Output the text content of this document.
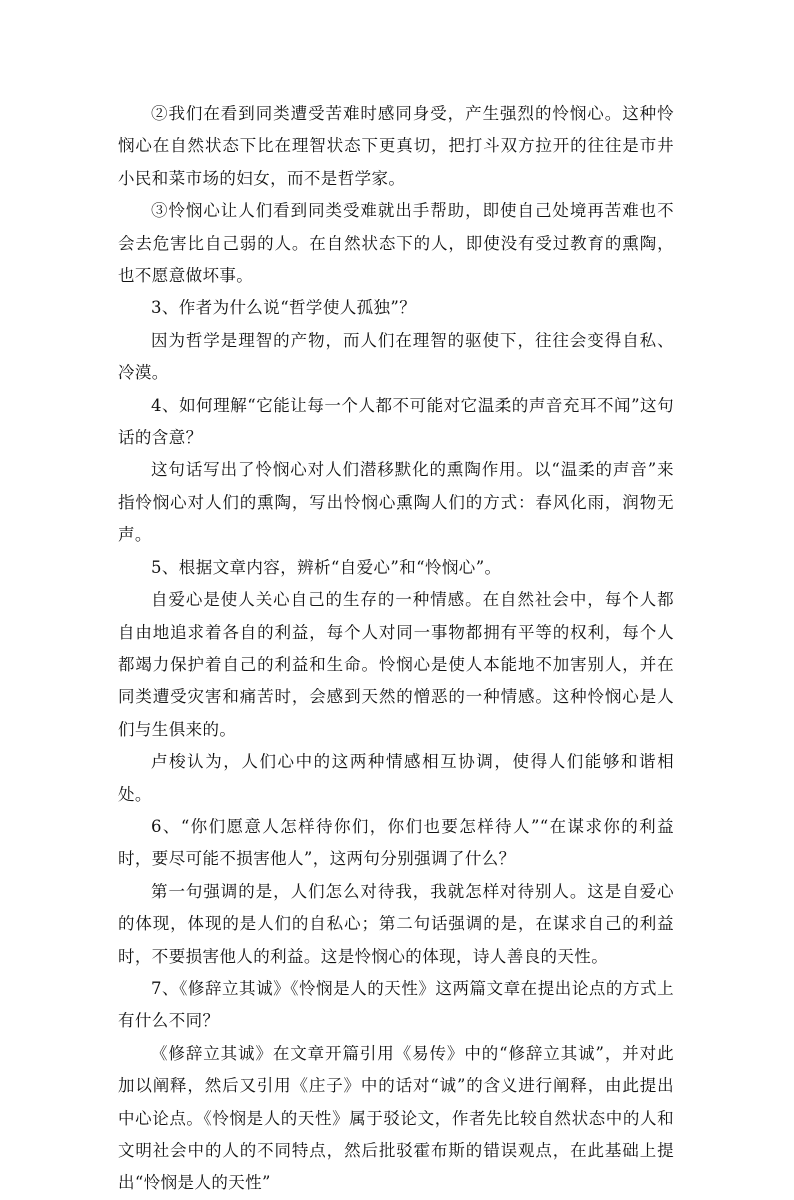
②我们在看到同类遭受苦难时感同身受，产生强烈的怜悯心。这种怜悯心在自然状态下比在理智状态下更真切，把打斗双方拉开的往往是市井小民和菜市场的妇女，而不是哲学家。

③怜悯心让人们看到同类受难就出手帮助，即使自己处境再苦难也不会去危害比自己弱的人。在自然状态下的人，即使没有受过教育的熏陶，也不愿意做坏事。

3、作者为什么说“哲学使人孤独”？

因为哲学是理智的产物，而人们在理智的驱使下，往往会变得自私、冷漠。

4、如何理解“它能让每一个人都不可能对它温柔的声音充耳不闻”这句话的含意？

这句话写出了怜悯心对人们潜移默化的熏陶作用。以“温柔的声音”来指怜悯心对人们的熏陶，写出怜悯心熏陶人们的方式：春风化雨，润物无声。

5、根据文章内容，辨析“自爱心”和“怜悯心”。

自爱心是使人关心自己的生存的一种情感。在自然社会中，每个人都自由地追求着各自的利益，每个人对同一事物都拥有平等的权利，每个人都竭力保护着自己的利益和生命。怜悯心是使人本能地不加害别人，并在同类遭受灾害和痛苦时，会感到天然的憎恶的一种情感。这种怜悯心是人们与生俱来的。

卢梭认为，人们心中的这两种情感相互协调，使得人们能够和谐相处。

6、“你们愿意人怎样待你们，你们也要怎样待人”“在谋求你的利益时，要尽可能不损害他人”，这两句分别强调了什么？

第一句强调的是，人们怎么对待我，我就怎样对待别人。这是自爱心的体现，体现的是人们的自私心；第二句话强调的是，在谋求自己的利益时，不要损害他人的利益。这是怜悯心的体现，诗人善良的天性。

7、《修辞立其诚》《怜悯是人的天性》这两篇文章在提出论点的方式上有什么不同？

《修辞立其诚》在文章开篇引用《易传》中的“修辞立其诚”，并对此加以阐释，然后又引用《庄子》中的话对“诚”的含义进行阐释，由此提出中心论点。《怜悯是人的天性》属于驳论文，作者先比较自然状态中的人和文明社会中的人的不同特点，然后批驳霍布斯的错误观点，在此基础上提出“怜悯是人的天性”
